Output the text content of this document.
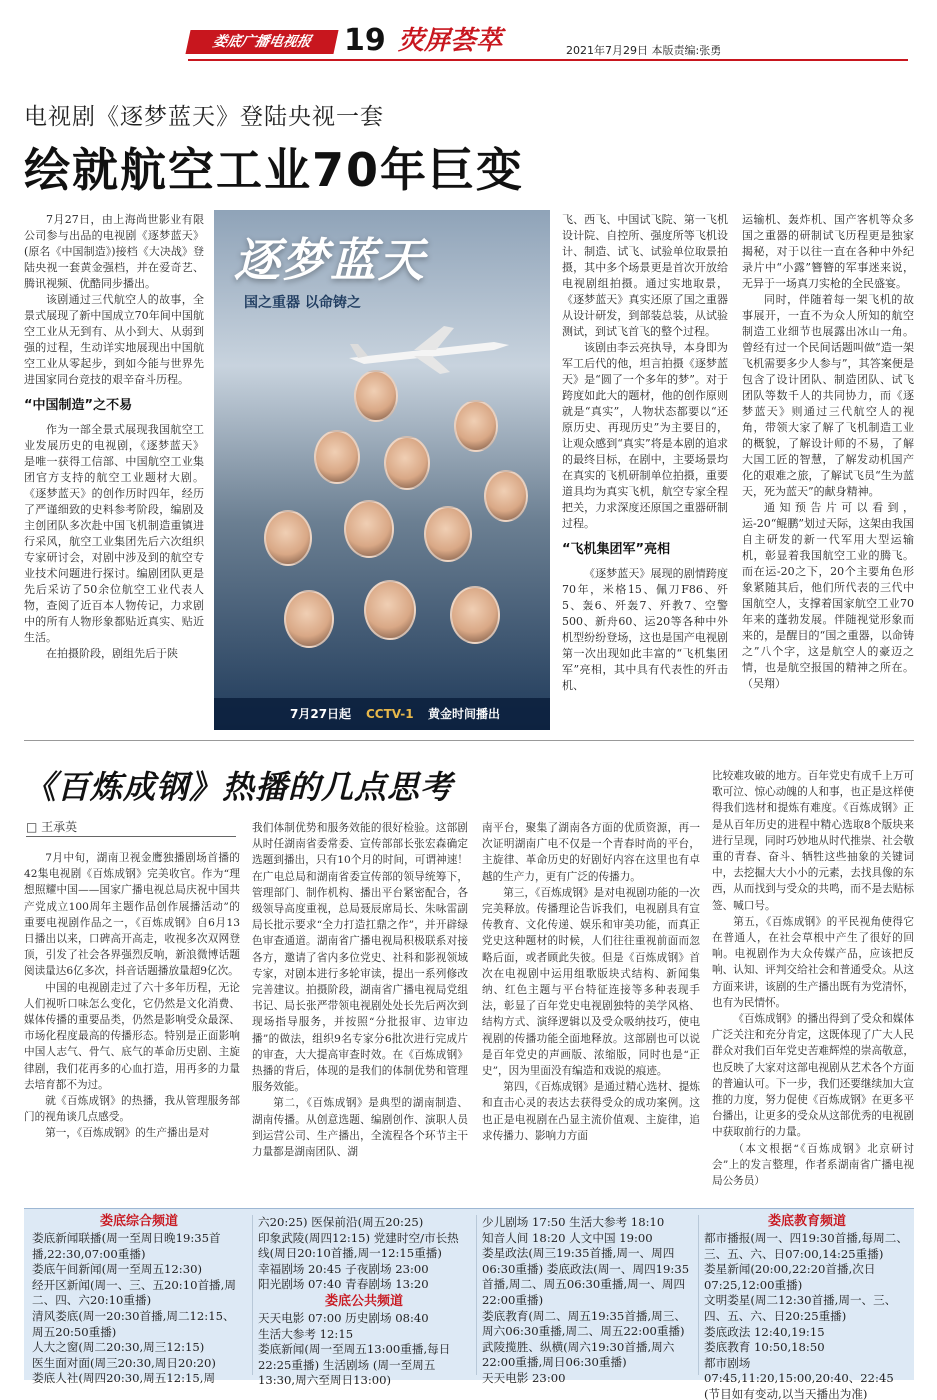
娄底广播电视报	19 荧屏荟萃	2021年7月29日 本版责编:张勇
电视剧《逐梦蓝天》登陆央视一套
绘就航空工业70年巨变

7月27日，由上海尚世影业有限公司参与出品的电视剧《逐梦蓝天》(原名《中国制造》)接档《大决战》登陆央视一套黄金强档，并在爱奇艺、腾讯视频、优酷同步播出。

该剧通过三代航空人的故事，全景式展现了新中国成立70年间中国航空工业从无到有、从小到大、从弱到强的过程，生动详实地展现出中国航空工业从零起步，到如今能与世界先进国家同台竞技的艰辛奋斗历程。

“中国制造”之不易

作为一部全景式展现我国航空工业发展历史的电视剧，《逐梦蓝天》是唯一获得工信部、中国航空工业集团官方支持的航空工业题材大剧。《逐梦蓝天》的创作历时四年，经历了严谨细致的史料参考阶段，编剧及主创团队多次赴中国飞机制造重镇进行采风，航空工业集团先后六次组织专家研讨会，对剧中涉及到的航空专业技术问题进行探讨。编剧团队更是先后采访了50余位航空工业代表人物，查阅了近百本人物传记，力求剧中的所有人物形象都贴近真实、贴近生活。

在拍摄阶段，剧组先后于陕

逐梦蓝天
国之重器 以命铸之
7月27日起 CCTV-1 黄金时间播出

飞、西飞、中国试飞院、第一飞机设计院、自控所、强度所等飞机设计、制造、试飞、试验单位取景拍摄，其中多个场景更是首次开放给电视剧组拍摄。通过实地取景，《逐梦蓝天》真实还原了国之重器从设计研发，到部装总装，从试验测试，到试飞首飞的整个过程。

该剧由李云亮执导，本身即为军工后代的他，坦言拍摄《逐梦蓝天》是“圆了一个多年的梦”。对于跨度如此大的题材，他的创作原则就是“真实”，人物状态都要以“还原历史、再现历史”为主要目的，让观众感到“真实”将是本剧的追求的最终目标，在剧中，主要场景均在真实的飞机研制单位拍摄，重要道具均为真实飞机，航空专家全程把关，力求深度还原国之重器研制过程。

“飞机集团军”亮相

《逐梦蓝天》展现的剧情跨度70年，米格15、佩刀F86、歼5、轰6、歼轰7、歼教7、空警500、新舟60、运20等各种中外机型纷纷登场，这也是国产电视剧第一次出现如此丰富的“飞机集团军”亮相，其中具有代表性的歼击机、

运输机、轰炸机、国产客机等众多国之重器的研制试飞历程更是独家揭秘，对于以往一直在各种中外纪录片中“小露”簪簪的军事迷来说，无异于一场真刀实枪的全民盛宴。

同时，伴随着每一架飞机的故事展开，一直不为众人所知的航空制造工业细节也展露出冰山一角。曾经有过一个民间话题叫做“造一架飞机需要多少人参与”，其答案便是包含了设计团队、制造团队、试飞团队等数千人的共同协力，而《逐梦蓝天》则通过三代航空人的视角，带领大家了解了飞机制造工业的概貌，了解设计师的不易，了解大国工匠的智慧，了解发动机国产化的艰难之旅，了解试飞员“生为蓝天，死为蓝天”的献身精神。

通知预告片可以看到，运-20“鲲鹏”划过天际，这架由我国自主研发的新一代军用大型运输机，彰显着我国航空工业的腾飞。而在运-20之下，20个主要角色形象紧随其后，他们所代表的三代中国航空人，支撑着国家航空工业70年来的蓬勃发展。伴随视觉形象而来的，是醒目的“国之重器，以命铸之”八个字，这是航空人的豪迈之情，也是航空报国的精神之所在。（吴翔）

《百炼成钢》热播的几点思考
□ 王承英

7月中旬，湖南卫视金鹰独播剧场首播的42集电视剧《百炼成钢》完美收官。作为“理想照耀中国——国家广播电视总局庆祝中国共产党成立100周年主题作品创作展播活动”的重要电视剧作品之一，《百炼成钢》自6月13日播出以来，口碑高开高走，收视多次双网登顶，引发了社会各界强烈反响，新浪微博话题阅读量达6亿多次，抖音话题播放量超9亿次。

中国的电视剧走过了六十多年历程，无论人们视听口味怎么变化，它仍然是文化消费、媒体传播的重要品类，仍然是影响受众最深、市场化程度最高的传播形态。特别是正面影响中国人志气、骨气、底气的革命历史剧、主旋律剧，我们花再多的心血打造，用再多的力量去培育都不为过。

就《百炼成钢》的热播，我从管理服务部门的视角谈几点感受。

第一，《百炼成钢》的生产播出是对

我们体制优势和服务效能的很好检验。这部剧从时任湖南省委常委、宣传部部长张宏森确定选题到播出，只有10个月的时间，可谓神速！在广电总局和湖南省委宣传部的领导统筹下，管理部门、制作机构、播出平台紧密配合，各级领导高度重视，总局聂辰席局长、朱咏雷副局长批示要求“全力打造扛鼎之作”，并开辟绿色审查通道。湖南省广播电视局积极联系对接各方，邀请了省内多位党史、社科和影视领域专家，对剧本进行多轮审读，提出一系列修改完善建议。拍摄阶段，湖南省广播电视局党组书记、局长张严带领电视剧处处长先后两次到现场指导服务，并按照“分批报审、边审边播”的做法，组织9名专家分6批次进行完成片的审查，大大提高审查时效。在《百炼成钢》热播的背后，体现的是我们的体制优势和管理服务效能。

第二，《百炼成钢》是典型的湖南制造、湖南传播。从创意选题、编剧创作、演职人员到运营公司、生产播出，全流程各个环节主干力量都是湖南团队、湖

南平台，聚集了湖南各方面的优质资源，再一次证明湖南广电不仅是一个青春时尚的平台，主旋律、革命历史的好剧好内容在这里也有卓越的生产力，更有广泛的传播力。

第三，《百炼成钢》是对电视剧功能的一次完美释放。传播理论告诉我们，电视剧具有宣传教育、文化传递、娱乐和审美功能，而真正党史这种题材的时候，人们往往重视前面而忽略后面，或者顾此失彼。但是《百炼成钢》首次在电视剧中运用组歌版块式结构、新闻集纳、红色主题与平台特征连接等多种表现手法，彰显了百年党史电视剧独特的美学风格、结构方式、演绎逻辑以及受众吸纳技巧，使电视剧的传播功能全面地释放。这部剧也可以说是百年党史的声画版、浓缩版，同时也是“正史”，因为里面没有编造和戏说的痕迹。

第四，《百炼成钢》是通过精心选材、提炼和直击心灵的表达去获得受众的成功案例。这也正是电视剧在凸显主流价值观、主旋律，追求传播力、影响力方面

比较难攻破的地方。百年党史有成千上万可歌可泣、惊心动魄的人和事，也正是这样使得我们选材和提炼有难度。《百炼成钢》正是从百年历史的进程中精心选取8个版块来进行呈现，同时巧妙地从时代推崇、社会敬重的青春、奋斗、牺牲这些抽象的关键词中，去挖掘大大小小的元素，去找具像的东西，从而找到与受众的共鸣，而不是去贴标签、喊口号。

第五，《百炼成钢》的平民视角使得它在普通人，在社会草根中产生了很好的回响。电视剧作为大众传媒产品，应该把反响、认知、评判交给社会和普通受众。从这方面来讲，该剧的生产播出既有为党清怀，也有为民情怀。

《百炼成钢》的播出得到了受众和媒体广泛关注和充分肯定，这既体现了广大人民群众对我们百年党史苦难辉煌的崇高敬意，也反映了大家对这部电视剧从艺术各个方面的普遍认可。下一步，我们还要继续加大宣推的力度，努力促使《百炼成钢》在更多平台播出，让更多的受众从这部优秀的电视剧中获取前行的力量。

（本文根据“《百炼成钢》北京研讨会”上的发言整理，作者系湖南省广播电视局公务员）

娄底综合频道
娄底新闻联播(周一至周日晚19:35首播,22:30,07:00重播)
娄底午间新闻(周一至周五12:30)
经开区新闻(周一、三、五20:10首播,周二、四、六20:10重播)
清风娄底(周一20:30首播,周二12:15、周五20:50重播)
人大之窗(周二20:30,周三12:15)
医生面对面(周三20:30,周日20:20)
娄底人社(周四20:30,周五12:15,周
六20:25) 医保前沿(周五20:25)
印象武陵(周四12:15) 党建时空/市长热线(周日20:10首播,周一12:15重播)
幸福剧场 20:45 子夜剧场 23:00
阳光剧场 07:40 青春剧场 13:20
娄底公共频道
天天电影 07:00 历史剧场 08:40
生活大参考 12:15
娄底新闻(周一至周五13:00重播,每日22:25重播) 生活剧场 (周一至周五13:30,周六至周日13:00)
少儿剧场 17:50 生活大参考 18:10
知音人间 18:20 人文中国 19:00
娄星政法(周三19:35首播,周一、周四06:30重播) 娄底政法(周一、周四19:35首播,周二、周五06:30重播,周一、周四22:00重播)
娄底教育(周二、周五19:35首播,周三、周六06:30重播,周二、周五22:00重播)
武陵揽胜、纵横(周六19:30首播,周六22:00重播,周日06:30重播)
天天电影 23:00
娄底教育频道
都市播报(周一、四19:30首播,每周二、三、五、六、日07:00,14:25重播)
娄星新闻(20:00,22:20首播,次日07:25,12:00重播)
文明娄星(周二12:30首播,周一、三、四、五、六、日20:25重播)
娄底政法 12:40,19:15
娄底教育 10:50,18:50
都市剧场 07:45,11:20,15:00,20:40、22:45 (节目如有变动,以当天播出为准)
